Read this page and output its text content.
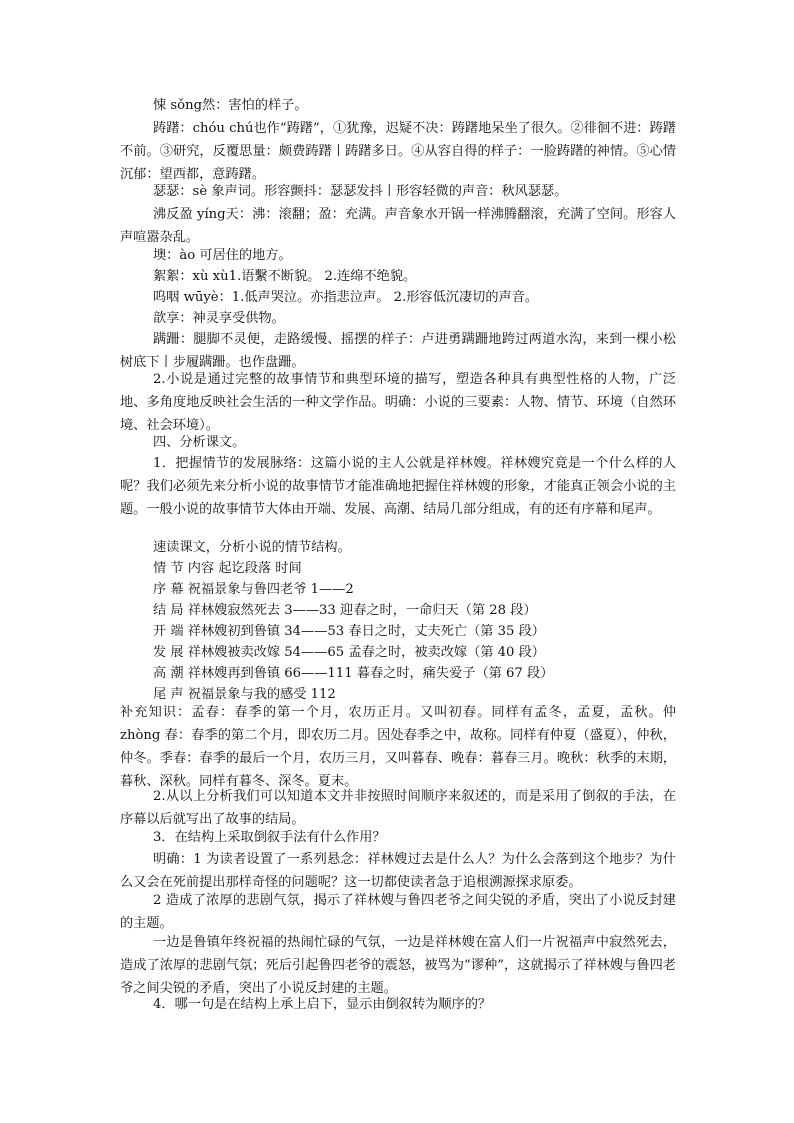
悚 sǒng然：害怕的样子。

踌躇：chóu chú也作“踌躇”，①犹豫，迟疑不决：踌躇地呆坐了很久。②徘徊不进：踌躇不前。③研究，反覆思量：颇费踌躇丨踌躇多日。④从容自得的样子：一脸踌躇的神情。⑤心情沉郁：望西都，意踌躇。

瑟瑟：sè 象声词。形容颤抖：瑟瑟发抖丨形容轻微的声音：秋风瑟瑟。

沸反盈 yíng天：沸：滚翻；盈：充满。声音象水开锅一样沸腾翻滚，充满了空间。形容人声喧嚣杂乱。

墺：ào 可居住的地方。

絮絮：xù xù1.语繫不断貌。 2.连绵不绝貌。

呜咽 wūyè：1.低声哭泣。亦指悲泣声。 2.形容低沉凄切的声音。

歆享：神灵享受供物。

蹒跚：腿脚不灵便，走路缓慢、摇摆的样子：卢进勇蹒跚地跨过两道水沟，来到一棵小松树底下丨步履蹒跚。也作盘跚。

2.小说是通过完整的故事情节和典型环境的描写，塑造各种具有典型性格的人物，广泛地、多角度地反映社会生活的一种文学作品。明确：小说的三要素：人物、情节、环境（自然环境、社会环境）。

四、分析课文。

1．把握情节的发展脉络：这篇小说的主人公就是祥林嫂。祥林嫂究竟是一个什么样的人呢？我们必须先来分析小说的故事情节才能准确地把握住祥林嫂的形象，才能真正领会小说的主题。一般小说的故事情节大体由开端、发展、高潮、结局几部分组成，有的还有序幕和尾声。

速读课文，分析小说的情节结构。

情 节 内容 起讫段落 时间

序 幕 祝福景象与鲁四老爷 1——2

结 局 祥林嫂寂然死去 3——33 迎春之时，一命归天（第 28 段）

开 端 祥林嫂初到鲁镇 34——53 春日之时，丈夫死亡（第 35 段）

发 展 祥林嫂被卖改嫁 54——65 孟春之时，被卖改嫁（第 40 段）

高 潮 祥林嫂再到鲁镇 66——111 暮春之时，痛失爱子（第 67 段）

尾 声 祝福景象与我的感受 112

补充知识：孟春：春季的第一个月，农历正月。又叫初春。同样有孟冬，孟夏，孟秋。仲 zhòng 春：春季的第二个月，即农历二月。因处春季之中，故称。同样有仲夏（盛夏），仲秋，仲冬。季春：春季的最后一个月，农历三月，又叫暮春、晚春：暮春三月。晚秋：秋季的末期，暮秋、深秋。同样有暮冬、深冬。夏末。

2.从以上分析我们可以知道本文并非按照时间顺序来叙述的，而是采用了倒叙的手法，在序幕以后就写出了故事的结局。

3．在结构上采取倒叙手法有什么作用？

明确：1 为读者设置了一系列悬念：祥林嫂过去是什么人？为什么会落到这个地步？为什么又会在死前提出那样奇怪的问题呢？这一切都使读者急于追根溯源探求原委。

2 造成了浓厚的悲剧气氛，揭示了祥林嫂与鲁四老爷之间尖锐的矛盾，突出了小说反封建的主题。

一边是鲁镇年终祝福的热闹忙碌的气氛，一边是祥林嫂在富人们一片祝福声中寂然死去，造成了浓厚的悲剧气氛；死后引起鲁四老爷的震怒，被骂为“谬种”，这就揭示了祥林嫂与鲁四老爷之间尖锐的矛盾，突出了小说反封建的主题。

4．哪一句是在结构上承上启下，显示由倒叙转为顺序的？
